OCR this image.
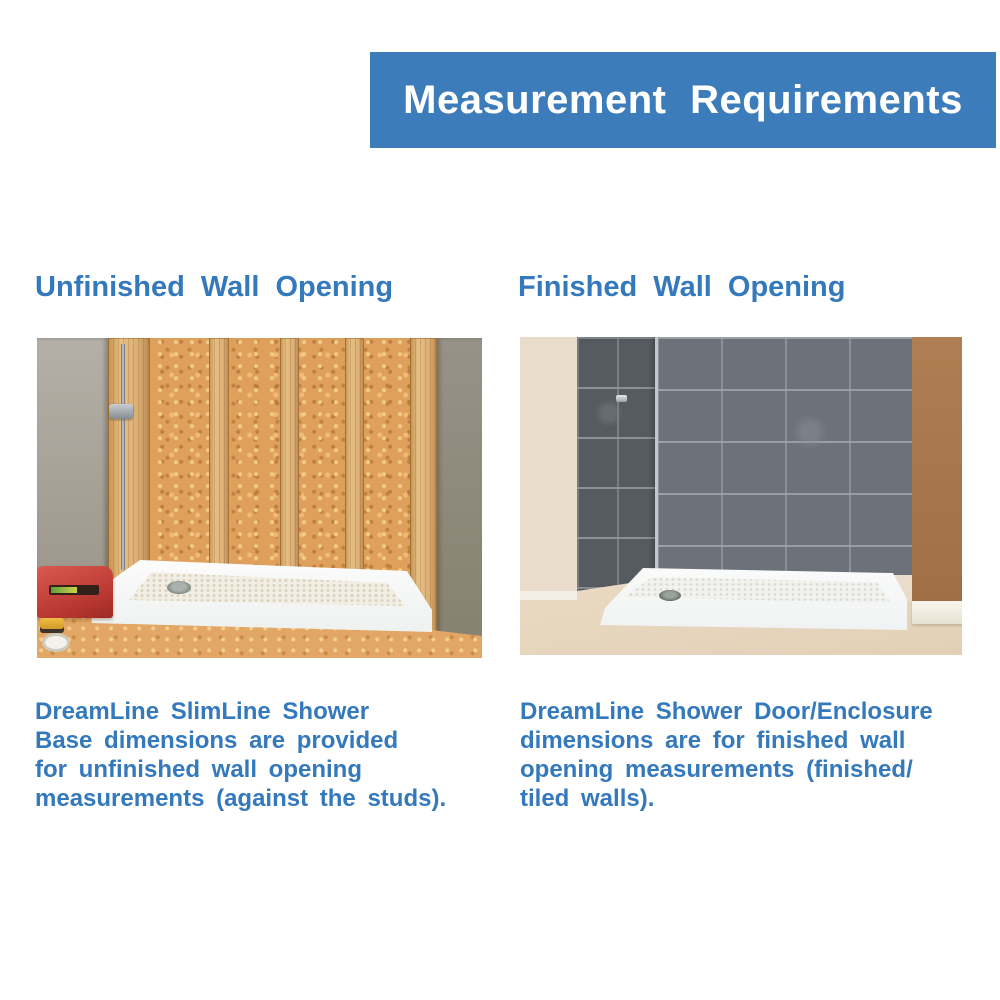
Measurement Requirements
Unfinished Wall Opening	Finished Wall Opening
DreamLine SlimLine Shower
Base dimensions are provided
for unfinished wall opening
measurements (against the studs).
DreamLine Shower Door/Enclosure
dimensions are for finished wall
opening measurements (finished/
tiled walls).
